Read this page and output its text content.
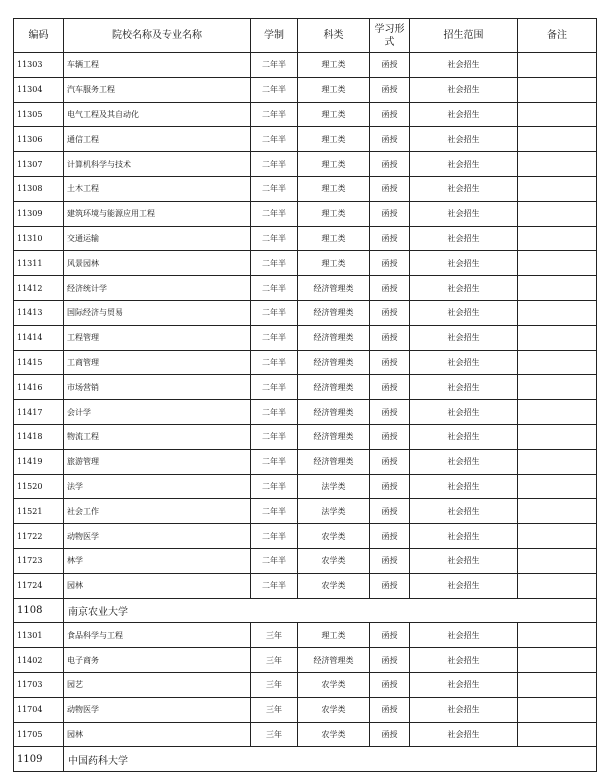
编码	院校名称及专业名称	学制	科类	学习形式	招生范围	备注
11303	车辆工程	二年半	理工类	函授	社会招生	
11304	汽车服务工程	二年半	理工类	函授	社会招生	
11305	电气工程及其自动化	二年半	理工类	函授	社会招生	
11306	通信工程	二年半	理工类	函授	社会招生	
11307	计算机科学与技术	二年半	理工类	函授	社会招生	
11308	土木工程	二年半	理工类	函授	社会招生	
11309	建筑环境与能源应用工程	二年半	理工类	函授	社会招生	
11310	交通运输	二年半	理工类	函授	社会招生	
11311	风景园林	二年半	理工类	函授	社会招生	
11412	经济统计学	二年半	经济管理类	函授	社会招生	
11413	国际经济与贸易	二年半	经济管理类	函授	社会招生	
11414	工程管理	二年半	经济管理类	函授	社会招生	
11415	工商管理	二年半	经济管理类	函授	社会招生	
11416	市场营销	二年半	经济管理类	函授	社会招生	
11417	会计学	二年半	经济管理类	函授	社会招生	
11418	物流工程	二年半	经济管理类	函授	社会招生	
11419	旅游管理	二年半	经济管理类	函授	社会招生	
11520	法学	二年半	法学类	函授	社会招生	
11521	社会工作	二年半	法学类	函授	社会招生	
11722	动物医学	二年半	农学类	函授	社会招生	
11723	林学	二年半	农学类	函授	社会招生	
11724	园林	二年半	农学类	函授	社会招生	
1108	南京农业大学					
11301	食品科学与工程	三年	理工类	函授	社会招生	
11402	电子商务	三年	经济管理类	函授	社会招生	
11703	园艺	三年	农学类	函授	社会招生	
11704	动物医学	三年	农学类	函授	社会招生	
11705	园林	三年	农学类	函授	社会招生	
1109	中国药科大学					
